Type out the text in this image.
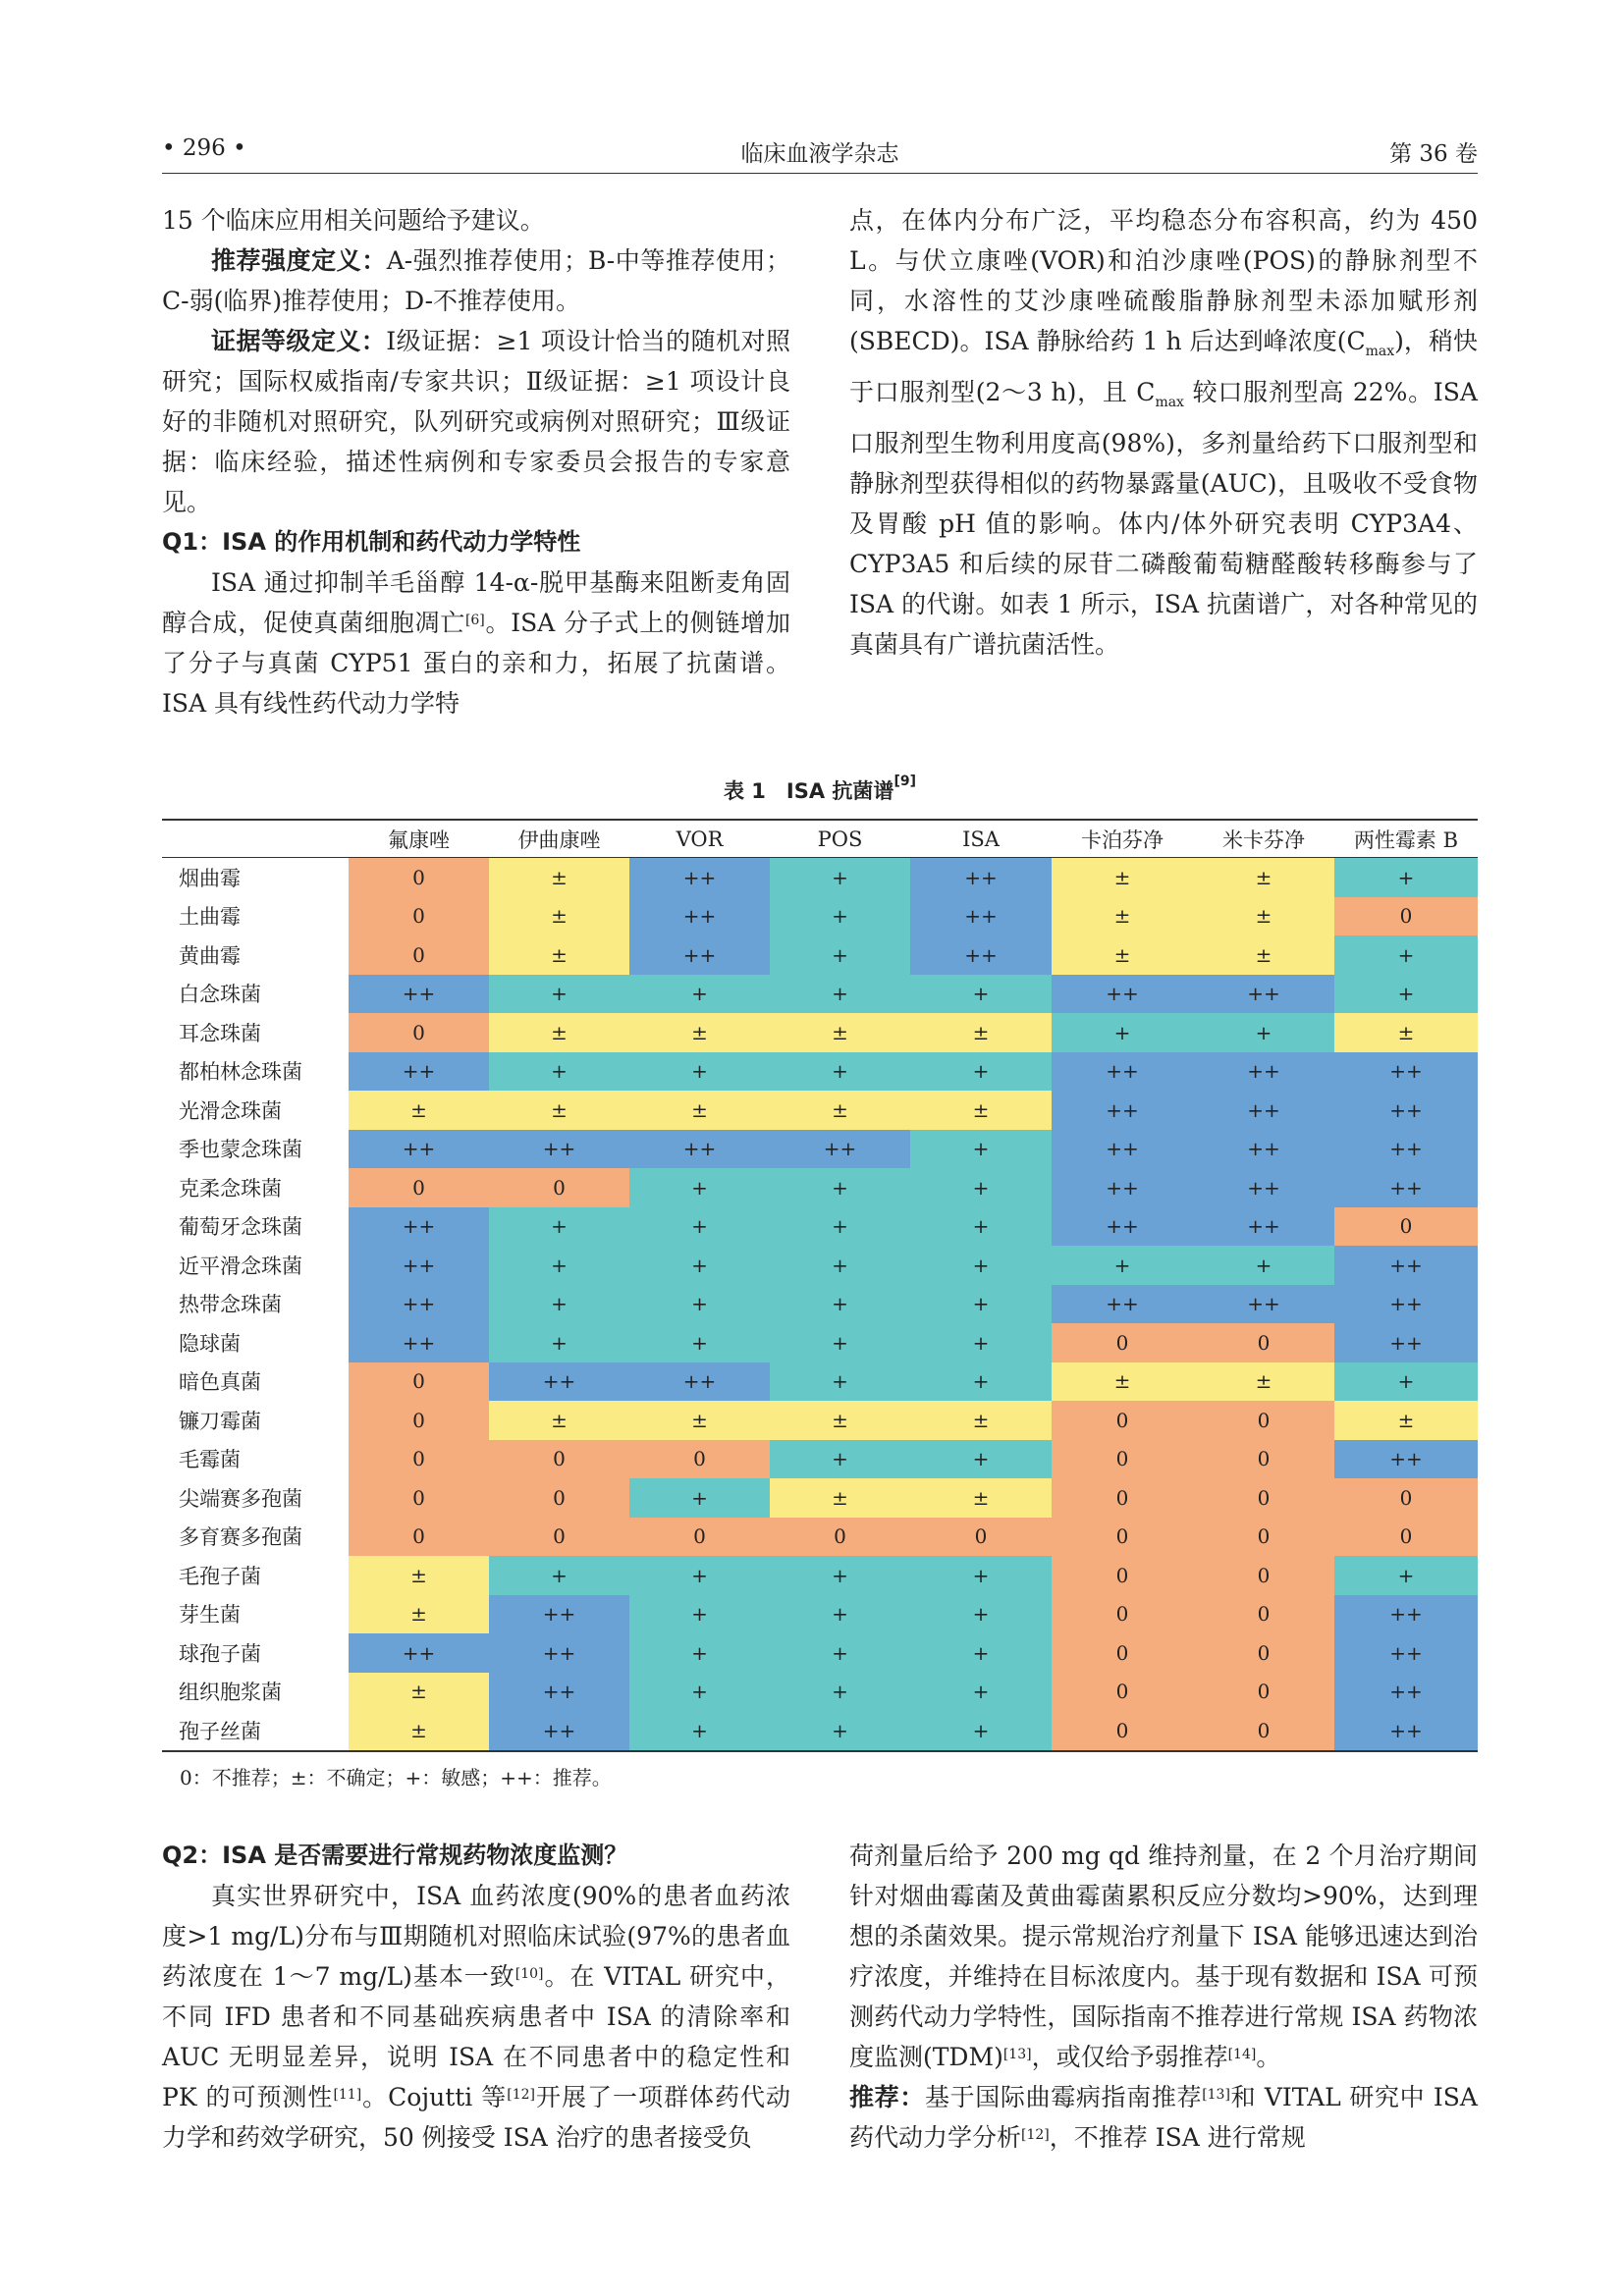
• 296 •	临床血液学杂志	第 36 卷

15 个临床应用相关问题给予建议。

推荐强度定义：A-强烈推荐使用；B-中等推荐使用；C-弱(临界)推荐使用；D-不推荐使用。

证据等级定义：Ⅰ级证据：≥1 项设计恰当的随机对照研究；国际权威指南/专家共识；Ⅱ级证据：≥1 项设计良好的非随机对照研究，队列研究或病例对照研究；Ⅲ级证据：临床经验，描述性病例和专家委员会报告的专家意见。

Q1：ISA 的作用机制和药代动力学特性

ISA 通过抑制羊毛甾醇 14-α-脱甲基酶来阻断麦角固醇合成，促使真菌细胞凋亡[6]。ISA 分子式上的侧链增加了分子与真菌 CYP51 蛋白的亲和力，拓展了抗菌谱。ISA 具有线性药代动力学特

点，在体内分布广泛，平均稳态分布容积高，约为 450 L。与伏立康唑(VOR)和泊沙康唑(POS)的静脉剂型不同，水溶性的艾沙康唑硫酸脂静脉剂型未添加赋形剂(SBECD)。ISA 静脉给药 1 h 后达到峰浓度$(C_{max})$，稍快于口服剂型(2～3 h)，且 $C_{max}$ 较口服剂型高 22%。ISA 口服剂型生物利用度高(98%)，多剂量给药下口服剂型和静脉剂型获得相似的药物暴露量(AUC)，且吸收不受食物及胃酸 pH 值的影响。体内/体外研究表明 CYP3A4、CYP3A5 和后续的尿苷二磷酸葡萄糖醛酸转移酶参与了 ISA 的代谢。如表 1 所示，ISA 抗菌谱广，对各种常见的真菌具有广谱抗菌活性。

表 1　ISA 抗菌谱[9]
	氟康唑	伊曲康唑	VOR	POS	ISA	卡泊芬净	米卡芬净	两性霉素 B
烟曲霉	0	±	++	+	++	±	±	+
土曲霉	0	±	++	+	++	±	±	0
黄曲霉	0	±	++	+	++	±	±	+
白念珠菌	++	+	+	+	+	++	++	+
耳念珠菌	0	±	±	±	±	+	+	±
都柏林念珠菌	++	+	+	+	+	++	++	++
光滑念珠菌	±	±	±	±	±	++	++	++
季也蒙念珠菌	++	++	++	++	+	++	++	++
克柔念珠菌	0	0	+	+	+	++	++	++
葡萄牙念珠菌	++	+	+	+	+	++	++	0
近平滑念珠菌	++	+	+	+	+	+	+	++
热带念珠菌	++	+	+	+	+	++	++	++
隐球菌	++	+	+	+	+	0	0	++
暗色真菌	0	++	++	+	+	±	±	+
镰刀霉菌	0	±	±	±	±	0	0	±
毛霉菌	0	0	0	+	+	0	0	++
尖端赛多孢菌	0	0	+	±	±	0	0	0
多育赛多孢菌	0	0	0	0	0	0	0	0
毛孢子菌	±	+	+	+	+	0	0	+
芽生菌	±	++	+	+	+	0	0	++
球孢子菌	++	++	+	+	+	0	0	++
组织胞浆菌	±	++	+	+	+	0	0	++
孢子丝菌	±	++	+	+	+	0	0	++
0：不推荐；±：不确定；+：敏感；++：推荐。

Q2：ISA 是否需要进行常规药物浓度监测？

真实世界研究中，ISA 血药浓度(90%的患者血药浓度>1 mg/L)分布与Ⅲ期随机对照临床试验(97%的患者血药浓度在 1～7 mg/L)基本一致[10]。在 VITAL 研究中，不同 IFD 患者和不同基础疾病患者中 ISA 的清除率和 AUC 无明显差异，说明 ISA 在不同患者中的稳定性和 PK 的可预测性[11]。Cojutti 等[12]开展了一项群体药代动力学和药效学研究，50 例接受 ISA 治疗的患者接受负

荷剂量后给予 200 mg qd 维持剂量，在 2 个月治疗期间针对烟曲霉菌及黄曲霉菌累积反应分数均>90%，达到理想的杀菌效果。提示常规治疗剂量下 ISA 能够迅速达到治疗浓度，并维持在目标浓度内。基于现有数据和 ISA 可预测药代动力学特性，国际指南不推荐进行常规 ISA 药物浓度监测(TDM)[13]，或仅给予弱推荐[14]。

推荐：基于国际曲霉病指南推荐[13]和 VITAL 研究中 ISA 药代动力学分析[12]，不推荐 ISA 进行常规
